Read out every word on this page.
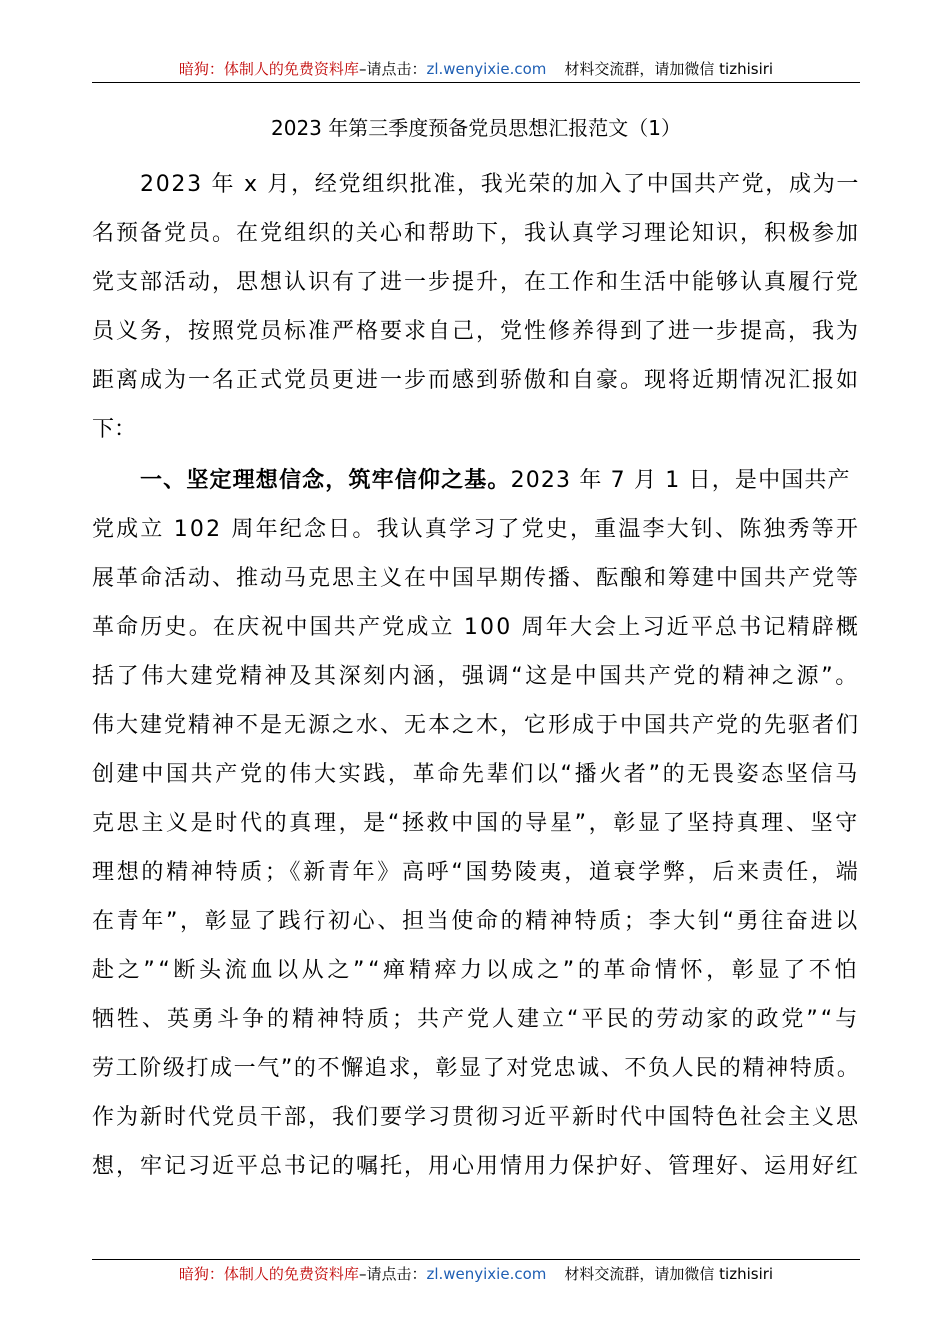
暗狗：体制人的免费资料库–请点击：zl.wenyixie.com 材料交流群，请加微信 tizhisiri
2023 年第三季度预备党员思想汇报范文（1）
2023 年 x 月，经党组织批准，我光荣的加入了中国共产党，成为一
名预备党员。在党组织的关心和帮助下，我认真学习理论知识，积极参加
党支部活动，思想认识有了进一步提升，在工作和生活中能够认真履行党
员义务，按照党员标准严格要求自己，党性修养得到了进一步提高，我为
距离成为一名正式党员更进一步而感到骄傲和自豪。现将近期情况汇报如
下：
一、坚定理想信念，筑牢信仰之基。2023 年 7 月 1 日，是中国共产
党成立 102 周年纪念日。我认真学习了党史，重温李大钊、陈独秀等开
展革命活动、推动马克思主义在中国早期传播、酝酿和筹建中国共产党等
革命历史。在庆祝中国共产党成立 100 周年大会上习近平总书记精辟概
括了伟大建党精神及其深刻内涵，强调“这是中国共产党的精神之源”。
伟大建党精神不是无源之水、无本之木，它形成于中国共产党的先驱者们
创建中国共产党的伟大实践，革命先辈们以“播火者”的无畏姿态坚信马
克思主义是时代的真理，是“拯救中国的导星”，彰显了坚持真理、坚守
理想的精神特质；《新青年》高呼“国势陵夷，道衰学弊，后来责任，端
在青年”，彰显了践行初心、担当使命的精神特质；李大钊“勇往奋进以
赴之”“断头流血以从之”“瘅精瘁力以成之”的革命情怀，彰显了不怕
牺牲、英勇斗争的精神特质；共产党人建立“平民的劳动家的政党”“与
劳工阶级打成一气”的不懈追求，彰显了对党忠诚、不负人民的精神特质。
作为新时代党员干部，我们要学习贯彻习近平新时代中国特色社会主义思
想，牢记习近平总书记的嘱托，用心用情用力保护好、管理好、运用好红
暗狗：体制人的免费资料库–请点击：zl.wenyixie.com 材料交流群，请加微信 tizhisiri
